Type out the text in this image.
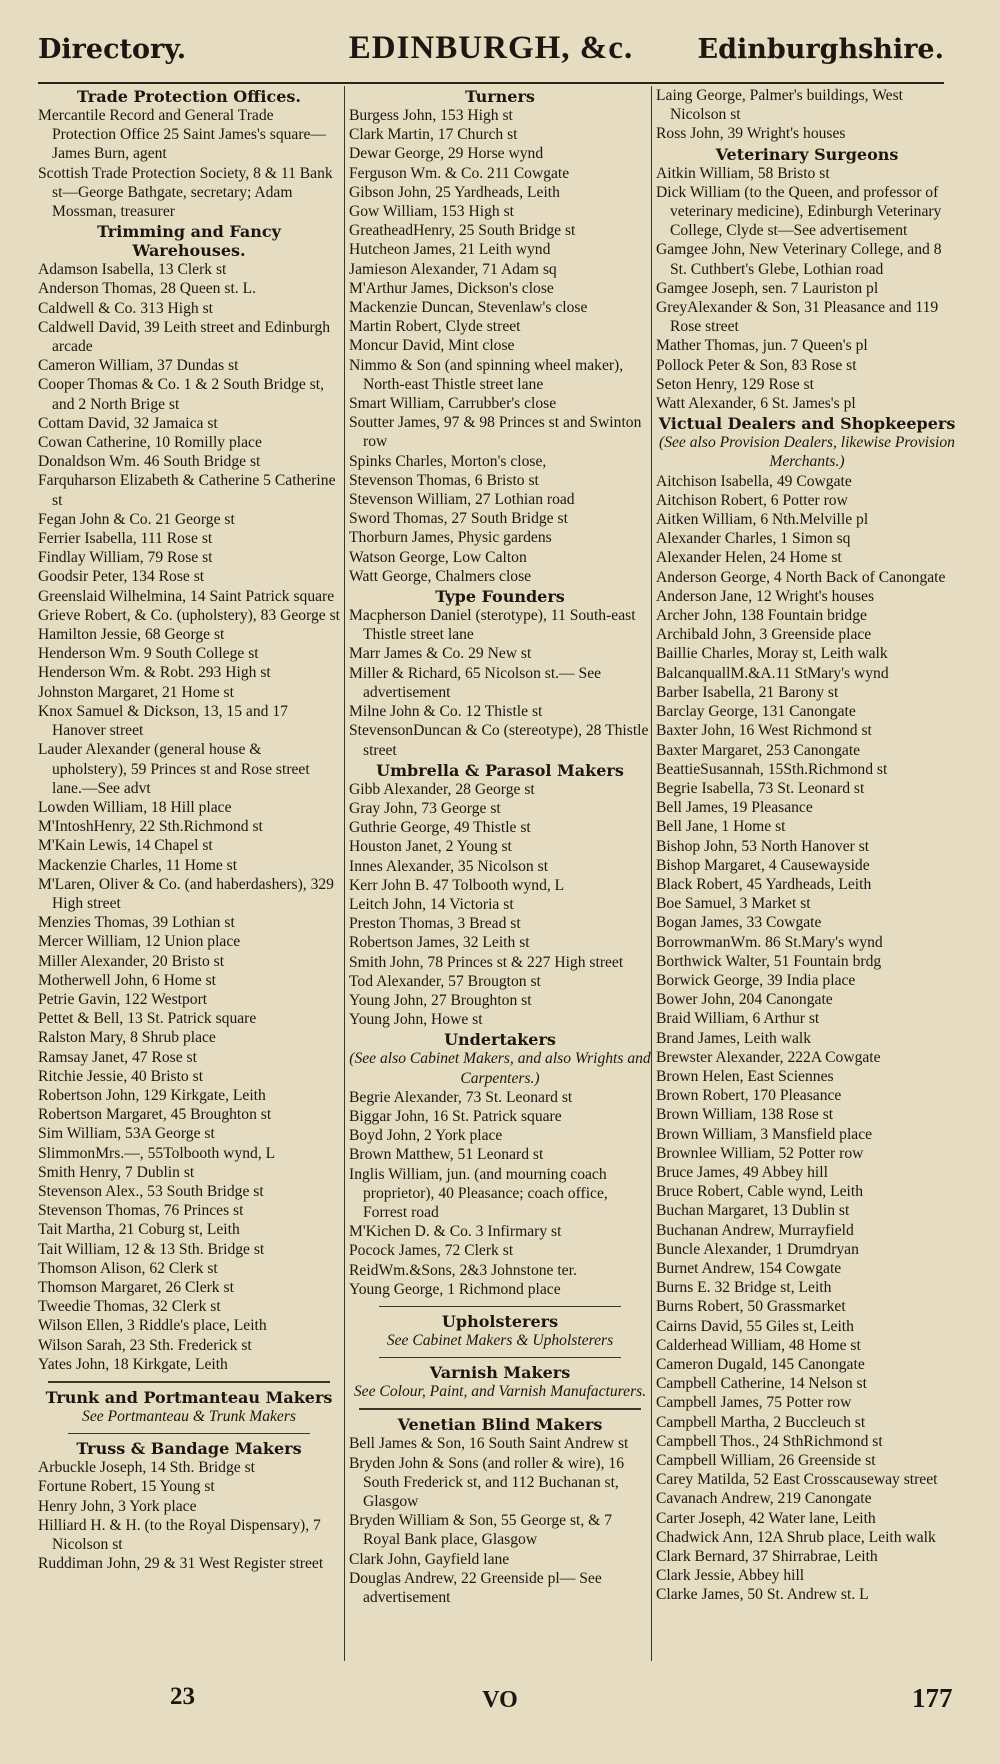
Directory.	EDINBURGH, &c.	Edinburghshire.
Trade Protection Offices.
Mercantile Record and General Trade Protection Office 25 Saint James's square—James Burn, agent
Scottish Trade Protection Society, 8 & 11 Bank st—George Bathgate, secretary; Adam Mossman, treasurer
Trimming and Fancy Warehouses.
Adamson Isabella, 13 Clerk st
Anderson Thomas, 28 Queen st. L.
Caldwell & Co. 313 High st
Caldwell David, 39 Leith street and Edinburgh arcade
Cameron William, 37 Dundas st
Cooper Thomas & Co. 1 & 2 South Bridge st, and 2 North Brige st
Cottam David, 32 Jamaica st
Cowan Catherine, 10 Romilly place
Donaldson Wm. 46 South Bridge st
Farquharson Elizabeth & Catherine 5 Catherine st
Fegan John & Co. 21 George st
Ferrier Isabella, 111 Rose st
Findlay William, 79 Rose st
Goodsir Peter, 134 Rose st
Greenslaid Wilhelmina, 14 Saint Patrick square
Grieve Robert, & Co. (upholstery), 83 George st
Hamilton Jessie, 68 George st
Henderson Wm. 9 South College st
Henderson Wm. & Robt. 293 High st
Johnston Margaret, 21 Home st
Knox Samuel & Dickson, 13, 15 and 17 Hanover street
Lauder Alexander (general house & upholstery), 59 Princes st and Rose street lane.—See advt
Lowden William, 18 Hill place
M'IntoshHenry, 22 Sth.Richmond st
M'Kain Lewis, 14 Chapel st
Mackenzie Charles, 11 Home st
M'Laren, Oliver & Co. (and haberdashers), 329 High street
Menzies Thomas, 39 Lothian st
Mercer William, 12 Union place
Miller Alexander, 20 Bristo st
Motherwell John, 6 Home st
Petrie Gavin, 122 Westport
Pettet & Bell, 13 St. Patrick square
Ralston Mary, 8 Shrub place
Ramsay Janet, 47 Rose st
Ritchie Jessie, 40 Bristo st
Robertson John, 129 Kirkgate, Leith
Robertson Margaret, 45 Broughton st
Sim William, 53A George st
SlimmonMrs.—, 55Tolbooth wynd, L
Smith Henry, 7 Dublin st
Stevenson Alex., 53 South Bridge st
Stevenson Thomas, 76 Princes st
Tait Martha, 21 Coburg st, Leith
Tait William, 12 & 13 Sth. Bridge st
Thomson Alison, 62 Clerk st
Thomson Margaret, 26 Clerk st
Tweedie Thomas, 32 Clerk st
Wilson Ellen, 3 Riddle's place, Leith
Wilson Sarah, 23 Sth. Frederick st
Yates John, 18 Kirkgate, Leith
Trunk and Portmanteau Makers
See Portmanteau & Trunk Makers
Truss & Bandage Makers
Arbuckle Joseph, 14 Sth. Bridge st
Fortune Robert, 15 Young st
Henry John, 3 York place
Hilliard H. & H. (to the Royal Dispensary), 7 Nicolson st
Ruddiman John, 29 & 31 West Register street
Turners
Burgess John, 153 High st
Clark Martin, 17 Church st
Dewar George, 29 Horse wynd
Ferguson Wm. & Co. 211 Cowgate
Gibson John, 25 Yardheads, Leith
Gow William, 153 High st
GreatheadHenry, 25 South Bridge st
Hutcheon James, 21 Leith wynd
Jamieson Alexander, 71 Adam sq
M'Arthur James, Dickson's close
Mackenzie Duncan, Stevenlaw's close
Martin Robert, Clyde street
Moncur David, Mint close
Nimmo & Son (and spinning wheel maker), North-east Thistle street lane
Smart William, Carrubber's close
Soutter James, 97 & 98 Princes st and Swinton row
Spinks Charles, Morton's close,
Stevenson Thomas, 6 Bristo st
Stevenson William, 27 Lothian road
Sword Thomas, 27 South Bridge st
Thorburn James, Physic gardens
Watson George, Low Calton
Watt George, Chalmers close
Type Founders
Macpherson Daniel (sterotype), 11 South-east Thistle street lane
Marr James & Co. 29 New st
Miller & Richard, 65 Nicolson st.— See advertisement
Milne John & Co. 12 Thistle st
StevensonDuncan & Co (stereotype), 28 Thistle street
Umbrella & Parasol Makers
Gibb Alexander, 28 George st
Gray John, 73 George st
Guthrie George, 49 Thistle st
Houston Janet, 2 Young st
Innes Alexander, 35 Nicolson st
Kerr John B. 47 Tolbooth wynd, L
Leitch John, 14 Victoria st
Preston Thomas, 3 Bread st
Robertson James, 32 Leith st
Smith John, 78 Princes st & 227 High street
Tod Alexander, 57 Brougton st
Young John, 27 Broughton st
Young John, Howe st
Undertakers
(See also Cabinet Makers, and also Wrights and Carpenters.)
Begrie Alexander, 73 St. Leonard st
Biggar John, 16 St. Patrick square
Boyd John, 2 York place
Brown Matthew, 51 Leonard st
Inglis William, jun. (and mourning coach proprietor), 40 Pleasance; coach office, Forrest road
M'Kichen D. & Co. 3 Infirmary st
Pocock James, 72 Clerk st
ReidWm.&Sons, 2&3 Johnstone ter.
Young George, 1 Richmond place
Upholsterers
See Cabinet Makers & Upholsterers
Varnish Makers
See Colour, Paint, and Varnish Manufacturers.
Venetian Blind Makers
Bell James & Son, 16 South Saint Andrew st
Bryden John & Sons (and roller & wire), 16 South Frederick st, and 112 Buchanan st, Glasgow
Bryden William & Son, 55 George st, & 7 Royal Bank place, Glasgow
Clark John, Gayfield lane
Douglas Andrew, 22 Greenside pl— See advertisement
Laing George, Palmer's buildings, West Nicolson st
Ross John, 39 Wright's houses
Veterinary Surgeons
Aitkin William, 58 Bristo st
Dick William (to the Queen, and professor of veterinary medicine), Edinburgh Veterinary College, Clyde st—See advertisement
Gamgee John, New Veterinary College, and 8 St. Cuthbert's Glebe, Lothian road
Gamgee Joseph, sen. 7 Lauriston pl
GreyAlexander & Son, 31 Pleasance and 119 Rose street
Mather Thomas, jun. 7 Queen's pl
Pollock Peter & Son, 83 Rose st
Seton Henry, 129 Rose st
Watt Alexander, 6 St. James's pl
Victual Dealers and Shopkeepers
(See also Provision Dealers, likewise Provision Merchants.)
Aitchison Isabella, 49 Cowgate
Aitchison Robert, 6 Potter row
Aitken William, 6 Nth.Melville pl
Alexander Charles, 1 Simon sq
Alexander Helen, 24 Home st
Anderson George, 4 North Back of Canongate
Anderson Jane, 12 Wright's houses
Archer John, 138 Fountain bridge
Archibald John, 3 Greenside place
Baillie Charles, Moray st, Leith walk
BalcanquallM.&A.11 StMary's wynd
Barber Isabella, 21 Barony st
Barclay George, 131 Canongate
Baxter John, 16 West Richmond st
Baxter Margaret, 253 Canongate
BeattieSusannah, 15Sth.Richmond st
Begrie Isabella, 73 St. Leonard st
Bell James, 19 Pleasance
Bell Jane, 1 Home st
Bishop John, 53 North Hanover st
Bishop Margaret, 4 Causewayside
Black Robert, 45 Yardheads, Leith
Boe Samuel, 3 Market st
Bogan James, 33 Cowgate
BorrowmanWm. 86 St.Mary's wynd
Borthwick Walter, 51 Fountain brdg
Borwick George, 39 India place
Bower John, 204 Canongate
Braid William, 6 Arthur st
Brand James, Leith walk
Brewster Alexander, 222A Cowgate
Brown Helen, East Sciennes
Brown Robert, 170 Pleasance
Brown William, 138 Rose st
Brown William, 3 Mansfield place
Brownlee William, 52 Potter row
Bruce James, 49 Abbey hill
Bruce Robert, Cable wynd, Leith
Buchan Margaret, 13 Dublin st
Buchanan Andrew, Murrayfield
Buncle Alexander, 1 Drumdryan
Burnet Andrew, 154 Cowgate
Burns E. 32 Bridge st, Leith
Burns Robert, 50 Grassmarket
Cairns David, 55 Giles st, Leith
Calderhead William, 48 Home st
Cameron Dugald, 145 Canongate
Campbell Catherine, 14 Nelson st
Campbell James, 75 Potter row
Campbell Martha, 2 Buccleuch st
Campbell Thos., 24 SthRichmond st
Campbell William, 26 Greenside st
Carey Matilda, 52 East Crosscauseway street
Cavanach Andrew, 219 Canongate
Carter Joseph, 42 Water lane, Leith
Chadwick Ann, 12A Shrub place, Leith walk
Clark Bernard, 37 Shirrabrae, Leith
Clark Jessie, Abbey hill
Clarke James, 50 St. Andrew st. L
23	VO	177
